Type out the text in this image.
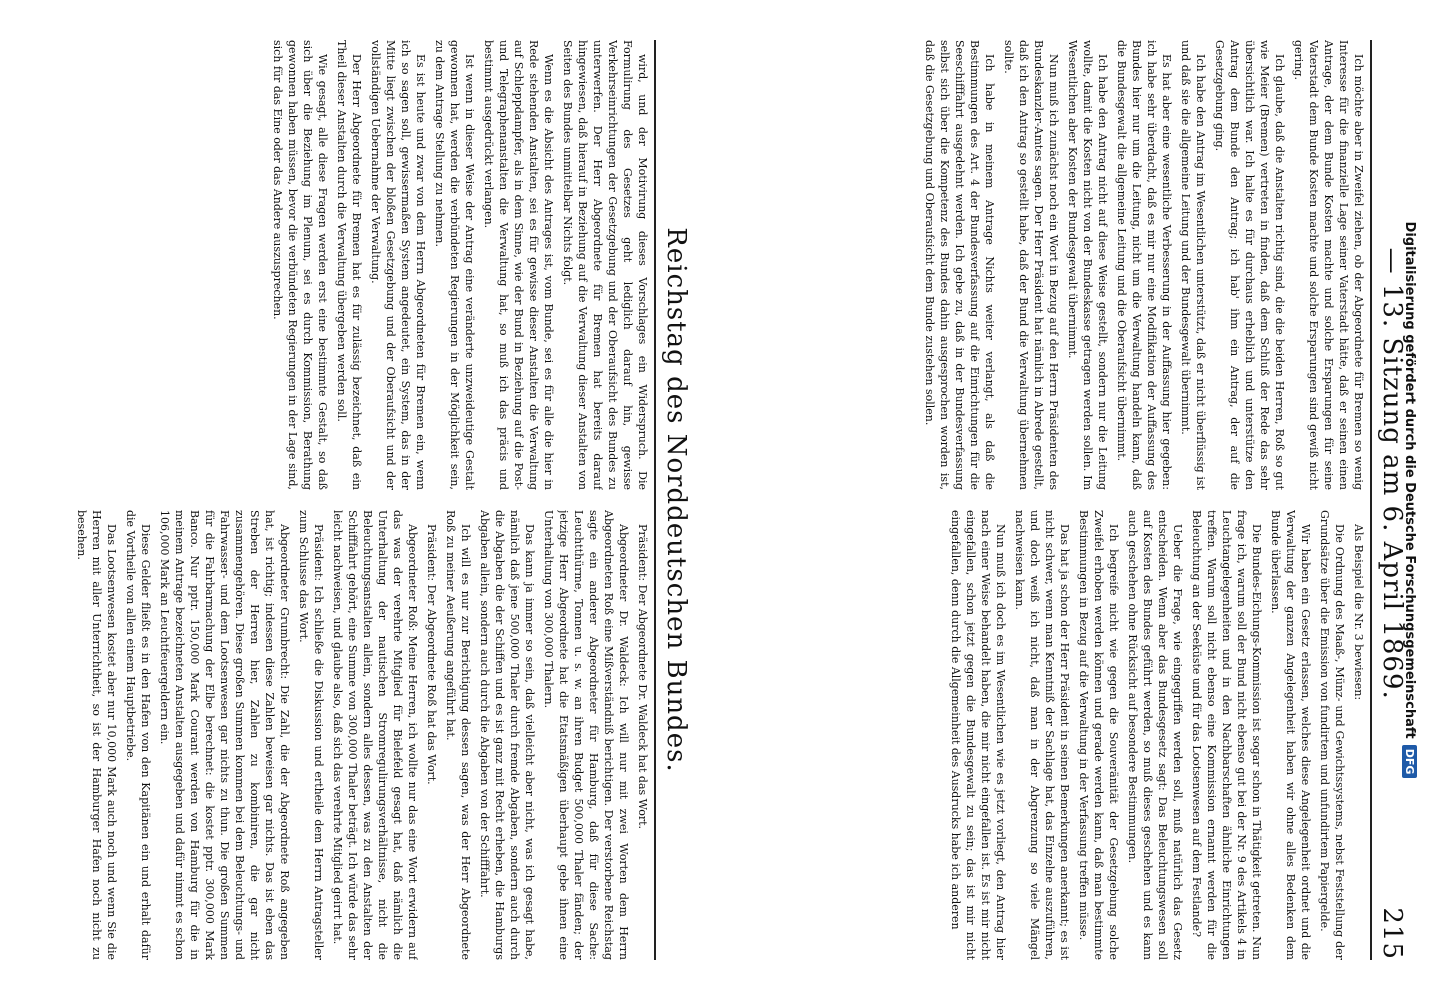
Digitalisierung gefördert durch die Deutsche Forschungsgemeinschaft
DFG
Reichstag des Norddeutschen Bundes.

wird, und der Motivirung dieses Vorschlages ein Widerspruch. Die Formulirung des Gesetzes geht lediglich darauf hin, gewisse Verkehrseinrichtungen der Gesetzgebung und der Oberaufsicht des Bundes zu unterwerfen. Der Herr Abgeordnete für Bremen hat bereits darauf hingewiesen, daß hierauf in Beziehung auf die Verwaltung dieser Anstalten von Seiten des Bundes unmittelbar Nichts folgt.

Wenn es die Absicht des Antrages ist, vom Bunde, sei es für alle die hier in Rede stehenden Anstalten, sei es für gewisse dieser Anstalten die Verwaltung auf Schleppdampfer, als in dem Sinne, wie der Bund in Beziehung auf die Post- und Telegraphenanstalten die Verwaltung hat, so muß ich das präcis und bestimmt ausgedrückt verlangen.

Ist wenn in dieser Weise der Antrag eine veränderte unzweideutige Gestalt gewonnen hat, werden die verbündeten Regierungen in der Möglichkeit sein, zu dem Antrage Stellung zu nehmen.

Es ist heute und zwar von dem Herrn Abgeordneten für Bremen ein, wenn ich so sagen soll, gewissermaßen System angedeutet, ein System, das in der Mitte liegt zwischen der bloßen Gesetzgebung und der Oberaufsicht und der vollständigen Uebernahme der Verwaltung.

Der Herr Abgeordnete für Bremen hat es für zulässig bezeichnet, daß ein Theil dieser Anstalten durch die Verwaltung übergeben werden soll.

Wie gesagt, alle diese Fragen werden erst eine bestimmte Gestalt, so daß sich über die Beziehung im Plenum, sei es durch Kommission, Berathung gewonnen haben müssen, bevor die verbündeten Regierungen in der Lage sind, sich für das Eine oder das Andere auszusprechen.

Präsident: Der Abgeordnete Dr. Waldeck hat das Wort.

Abgeordneter Dr. Waldeck: Ich will nur mit zwei Worten dem Herrn Abgeordneten Roß eine Mißverständniß berichtigen. Der verstorbene Reichstag sagte ein anderer Abgeordneter für Hamburg, daß für diese Sache: Leuchtthürme, Tonnen u. s. w. an ihren Budget 500,000 Thaler fänden; der jetzige Herr Abgeordnete hat die Etatsmäßigen überhaupt gebe ihnen eine Unterhaltung von 300,000 Thalern.

Das kann ja immer so sein, daß vielleicht aber nicht, was ich gesagt habe, nämlich daß jene 500,000 Thaler durch fremde Abgaben, sondern auch durch die Abgaben die der Schiffen und es ist ganz mit Recht erheben, die Hamburgs Abgaben allein, sondern auch durch die Abgaben von der Schifffahrt.

Ich will es nur zur Berichtigung dessen sagen, was der Herr Abgeordnete Roß zu meiner Aeußerung angeführt hat.

Präsident: Der Abgeordnete Roß hat das Wort.

Abgeordneter Roß: Meine Herren, ich wollte nur das eine Wort erwidern auf das was der verehrte Mitglied für Bielefeld gesagt hat, daß nämlich die Unterhaltung der nautischen Stromregulirungsverhältnisse, nicht die Beleuchtungsanstalten allein, sondern alles dessen, was zu den Anstalten der Schifffahrt gehört, eine Summe von 300,000 Thaler beträgt. Ich würde das sehr leicht nachweisen, und glaube also, daß sich das verehrte Mitglied geirrt hat.

Präsident: Ich schließe die Diskussion und ertheile dem Herrn Antragsteller zum Schlusse das Wort.

Abgeordneter Grumbrecht: Die Zahl, die der Abgeordnete Roß angegeben hat, ist richtig; indessen diese Zahlen beweisen gar nichts. Das ist eben das Streben der Herren hier, Zahlen zu kombiniren, die gar nicht zusammengehören. Diese großen Summen kommen bei dem Beleuchtungs- und Fahrwasser- und dem Lootsenwesen gar nichts zu thun. Die großen Summen für die Fahrbarmachung der Elbe berechnet: die kostet pptr. 300,000 Mark Banco. Nur pptr. 150,000 Mark Courant werden von Hamburg für die in meinem Antrage bezeichneten Anstalten ausgegeben und dafür nimmt es schon 106,000 Mark an Leuchtfeuergeldern ein.

Diese Gelder fließt es in den Hafen von den Kapitänen ein und erhalt dafür die Vortheile von allen einem Hauptbetriebe.

Das Lootsenwesen kostet aber nur 10,000 Mark auch noch und wenn Sie die Herren mit aller Unterrichtheit, so ist der Hamburger Hafen noch nicht zu besehen.	— 13. Sitzung am 6. April 1869.
215

Ich möchte aber in Zweifel ziehen, ob der Abgeordnete für Bremen so wenig Interesse für die finanzielle Lage seiner Vaterstadt hätte, daß er seinen einen Antrage, der dem Bunde Kosten machte und solche Ersparungen für seine Vaterstadt dem Bunde Kosten machte und solche Ersparungen sind gewiß nicht gering.

Ich glaube, daß die Anstalten richtig sind, die die beiden Herren, Roß so gut wie Meier (Bremen) vertreten in finden, daß dem Schluß der Rede das sehr übersichtlich war. Ich halte es für durchaus erheblich und unterstütze den Antrag dem Bunde den Antrag; ich hab' ihm ein Antrag, der auf die Gesetzgebung ging.

Ich habe den Antrag im Wesentlichen unterstützt, daß er nicht überflüssig ist und daß sie die allgemeine Leitung und der Bundesgewalt übernimmt.

Es hat aber eine wesentliche Verbesserung in der Auffassung hier gegeben: ich habe sehr überdacht, daß es mir nur eine Modifikation der Auffassung des Bundes hier nur um die Leitung, nicht um die Verwaltung handeln kann, daß die Bundesgewalt die allgemeine Leitung und die Oberaufsicht übernimmt.

Ich habe den Antrag nicht auf diese Weise gestellt, sondern nur die Leitung wollte, damit die Kosten nicht von der Bundeskasse getragen werden sollen. Im Wesentlichen aber Kosten der Bundesgewalt übernimmt.

Nun muß ich zunächst noch ein Wort in Bezug auf den Herrn Präsidenten des Bundeskanzler-Amtes sagen. Der Herr Präsident hat nämlich in Abrede gestellt, daß ich den Antrag so gestellt habe, daß der Bund die Verwaltung übernehmen sollte.

Ich habe in meinem Antrage Nichts weiter verlangt, als daß die Bestimmungen des Art. 4 der Bundesverfassung auf die Einrichtungen für die Seeschifffahrt ausgedehnt werden. Ich gebe zu, daß in der Bundesverfassung selbst sich über die Kompetenz des Bundes dahin ausgesprochen worden ist, daß die Gesetzgebung und Oberaufsicht dem Bunde zustehen sollen.

Als Beispiel die Nr. 3 bewiesen:

Die Ordnung des Maaß-, Münz- und Gewichtssystems, nebst Feststellung der Grundsätze über die Emission von fundirtem und unfundirtem Papiergelde.

Wir haben ein Gesetz erlassen, welches diese Angelegenheit ordnet und die Verwaltung der ganzen Angelegenheit haben wir ohne alles Bedenken dem Bunde überlassen.

Die Bundes-Eichungs-Kommission ist sogar schon in Thätigkeit getreten. Nun frage ich, warum soll der Bund nicht ebenso gut bei der Nr. 9 des Artikels 4 in Leuchtangelegenheiten und in den Nachbarschaften ähnliche Einrichtungen treffen. Warum soll nicht ebenso eine Kommission ernannt werden für die Beleuchtung an der Seeküste und für das Lootsenwesen auf dem Festlande?

Ueber die Frage, wie eingegriffen werden soll, muß natürlich das Gesetz entscheiden. Wenn aber das Bundesgesetz sagt: Das Beleuchtungswesen soll auf Kosten des Bundes geführt werden, so muß dieses geschehen und es kann auch geschehen ohne Rücksicht auf besondere Bestimmungen.

Ich begreife nicht wie gegen die Souveränität der Gesetzgebung solche Zweifel erhoben werden können und gerade werden kann, daß man bestimmte Bestimmungen in Bezug auf die Verwaltung in der Verfassung treffen müsse.

Das hat ja schon der Herr Präsident in seinen Bemerkungen anerkannt; es ist nicht schwer, wenn man Kenntniß der Sachlage hat, das Einzelne auszuführen, und doch weiß ich nicht, daß man in der Abgrenzung so viele Mängel nachweisen kann.

Nun muß ich doch es im Wesentlichen wie es jetzt vorliegt, den Antrag hier nach einer Weise behandelt haben, die mir nicht eingefallen ist. Es ist mir nicht eingefallen, schon jetzt gegen die Bundesgewalt zu sein; das ist mir nicht eingefallen, denn durch die Allgemeinheit des Ausdrucks habe ich anderen
